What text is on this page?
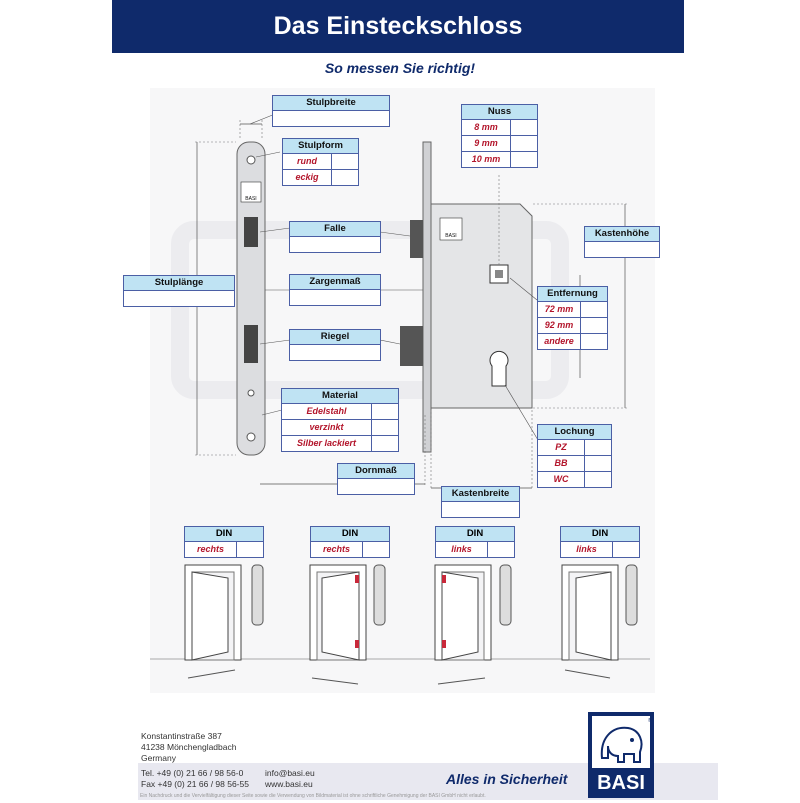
Das Einsteckschloss
So messen Sie richtig!
BASI
BASI
Stulpbreite
Stulpform
rund
eckig
Nuss
8 mm
9 mm
10 mm
Kastenhöhe
Falle
Stulplänge	Zargenmaß
Entfernung
72 mm
92 mm
andere
Riegel
Material
Edelstahl
verzinkt
Silber lackiert
Lochung
PZ
BB
WC
Dornmaß
Kastenbreite
DIN
rechts
DIN
rechts
DIN
links
DIN
links
Konstantinstraße 387
41238 Mönchengladbach
Germany
Tel. +49 (0) 21 66 / 98 56-0
Fax +49 (0) 21 66 / 98 56-55
info@basi.eu
www.basi.eu	Alles in Sicherheit
Ein Nachdruck und die Vervielfältigung dieser Seite sowie die Verwendung von Bildmaterial ist ohne schriftliche Genehmigung der BASI GmbH nicht erlaubt.
®
BASI
